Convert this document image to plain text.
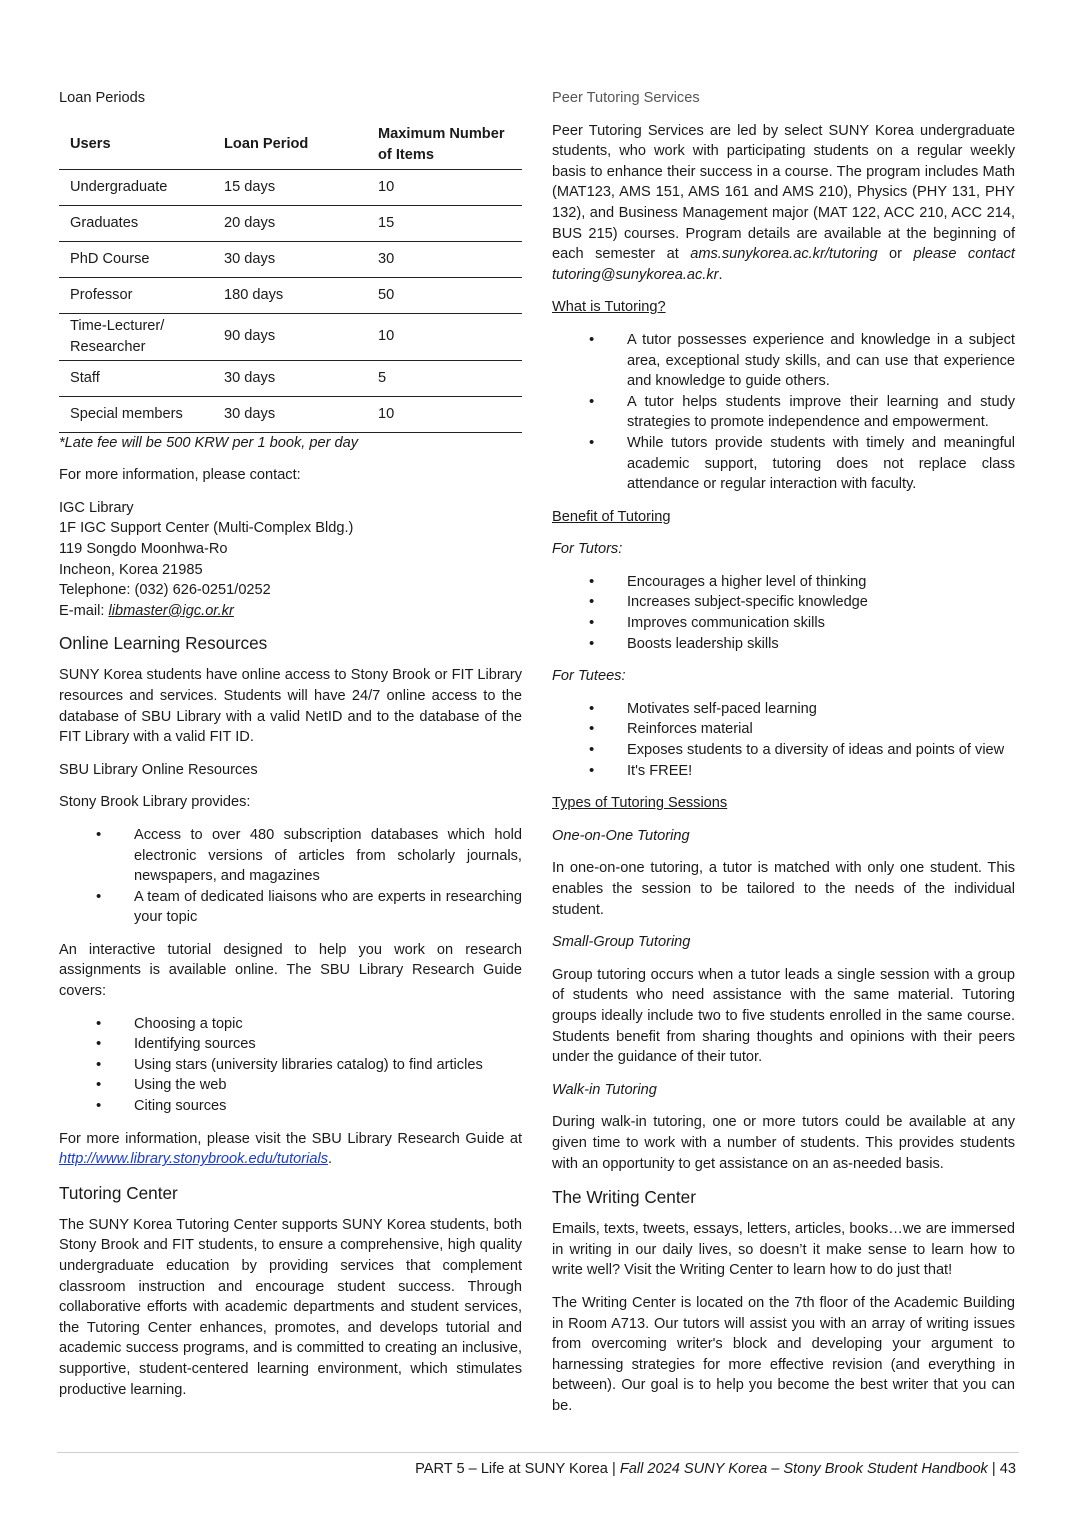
Loan Periods

Users	Loan Period	Maximum Number of Items
Undergraduate	15 days	10
Graduates	20 days	15
PhD Course	30 days	30
Professor	180 days	50
Time-Lecturer/ Researcher	90 days	10
Staff	30 days	5
Special members	30 days	10

*Late fee will be 500 KRW per 1 book, per day

For more information, please contact:

IGC Library

1F IGC Support Center (Multi-Complex Bldg.)

119 Songdo Moonhwa-Ro

Incheon, Korea 21985

Telephone: (032) 626-0251/0252

E-mail: libmaster@igc.or.kr

Online Learning Resources

SUNY Korea students have online access to Stony Brook or FIT Library resources and services. Students will have 24/7 online access to the database of SBU Library with a valid NetID and to the database of the FIT Library with a valid FIT ID.

SBU Library Online Resources

Stony Brook Library provides:

• Access to over 480 subscription databases which hold electronic versions of articles from scholarly journals, newspapers, and magazines
• A team of dedicated liaisons who are experts in researching your topic

An interactive tutorial designed to help you work on research assignments is available online. The SBU Library Research Guide covers:

• Choosing a topic
• Identifying sources
• Using stars (university libraries catalog) to find articles
• Using the web
• Citing sources

For more information, please visit the SBU Library Research Guide at http://www.library.stonybrook.edu/tutorials.

Tutoring Center

The SUNY Korea Tutoring Center supports SUNY Korea students, both Stony Brook and FIT students, to ensure a comprehensive, high quality undergraduate education by providing services that complement classroom instruction and encourage student success. Through collaborative efforts with academic departments and student services, the Tutoring Center enhances, promotes, and develops tutorial and academic success programs, and is committed to creating an inclusive, supportive, student-centered learning environment, which stimulates productive learning.

Peer Tutoring Services

Peer Tutoring Services are led by select SUNY Korea undergraduate students, who work with participating students on a regular weekly basis to enhance their success in a course. The program includes Math (MAT123, AMS 151, AMS 161 and AMS 210), Physics (PHY 131, PHY 132), and Business Management major (MAT 122, ACC 210, ACC 214, BUS 215) courses. Program details are available at the beginning of each semester at ams.sunykorea.ac.kr/tutoring or please contact tutoring@sunykorea.ac.kr.

What is Tutoring?

• A tutor possesses experience and knowledge in a subject area, exceptional study skills, and can use that experience and knowledge to guide others.
• A tutor helps students improve their learning and study strategies to promote independence and empowerment.
• While tutors provide students with timely and meaningful academic support, tutoring does not replace class attendance or regular interaction with faculty.

Benefit of Tutoring

For Tutors:

• Encourages a higher level of thinking
• Increases subject-specific knowledge
• Improves communication skills
• Boosts leadership skills

For Tutees:

• Motivates self-paced learning
• Reinforces material
• Exposes students to a diversity of ideas and points of view
• It's FREE!

Types of Tutoring Sessions

One-on-One Tutoring

In one-on-one tutoring, a tutor is matched with only one student. This enables the session to be tailored to the needs of the individual student.

Small-Group Tutoring

Group tutoring occurs when a tutor leads a single session with a group of students who need assistance with the same material. Tutoring groups ideally include two to five students enrolled in the same course. Students benefit from sharing thoughts and opinions with their peers under the guidance of their tutor.

Walk-in Tutoring

During walk-in tutoring, one or more tutors could be available at any given time to work with a number of students. This provides students with an opportunity to get assistance on an as-needed basis.

The Writing Center

Emails, texts, tweets, essays, letters, articles, books…we are immersed in writing in our daily lives, so doesn’t it make sense to learn how to write well? Visit the Writing Center to learn how to do just that!

The Writing Center is located on the 7th floor of the Academic Building in Room A713. Our tutors will assist you with an array of writing issues from overcoming writer's block and developing your argument to harnessing strategies for more effective revision (and everything in between). Our goal is to help you become the best writer that you can be.

PART 5 – Life at SUNY Korea | Fall 2024 SUNY Korea – Stony Brook Student Handbook | 43
